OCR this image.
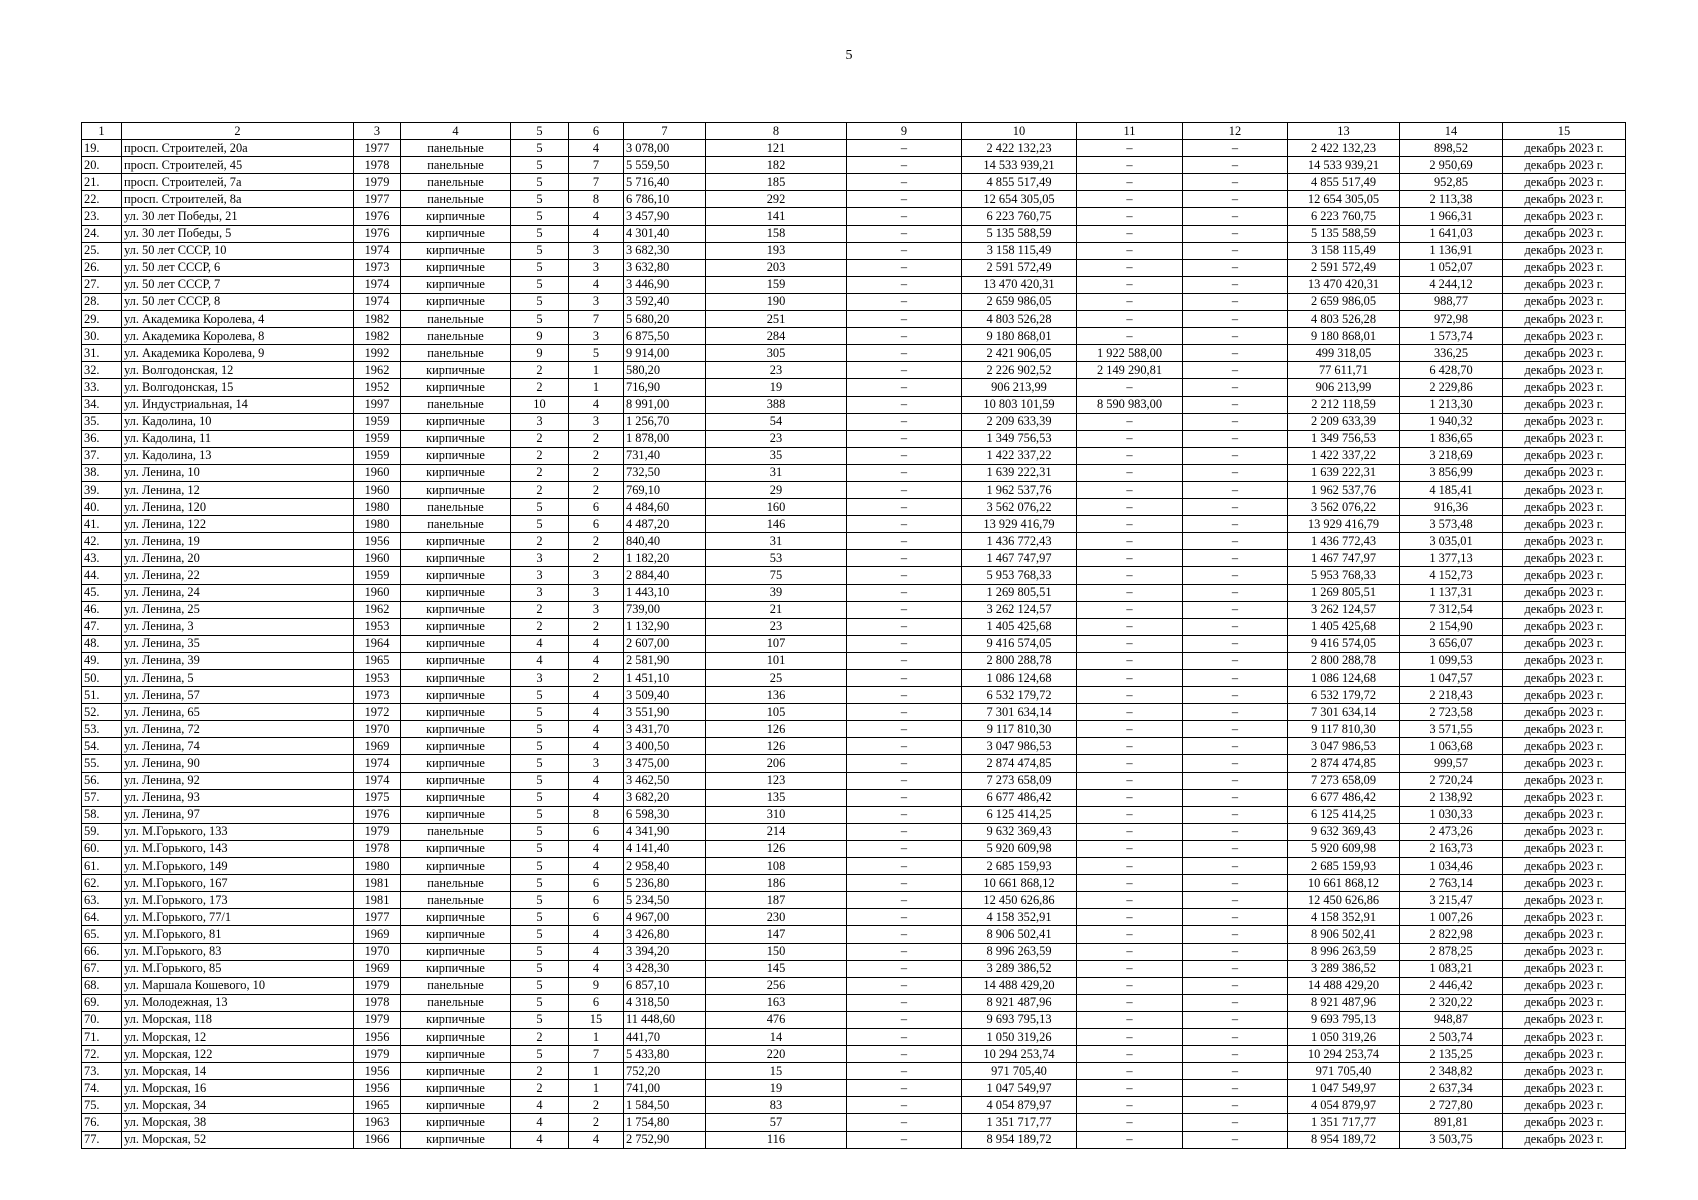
5
1	2	3	4	5	6	7	8	9	10	11	12	13	14	15
19.	просп. Строителей, 20а	1977	панельные	5	4	3 078,00	121	–	2 422 132,23	–	–	2 422 132,23	898,52	декабрь 2023 г.
20.	просп. Строителей, 45	1978	панельные	5	7	5 559,50	182	–	14 533 939,21	–	–	14 533 939,21	2 950,69	декабрь 2023 г.
21.	просп. Строителей, 7а	1979	панельные	5	7	5 716,40	185	–	4 855 517,49	–	–	4 855 517,49	952,85	декабрь 2023 г.
22.	просп. Строителей, 8а	1977	панельные	5	8	6 786,10	292	–	12 654 305,05	–	–	12 654 305,05	2 113,38	декабрь 2023 г.
23.	ул. 30 лет Победы, 21	1976	кирпичные	5	4	3 457,90	141	–	6 223 760,75	–	–	6 223 760,75	1 966,31	декабрь 2023 г.
24.	ул. 30 лет Победы, 5	1976	кирпичные	5	4	4 301,40	158	–	5 135 588,59	–	–	5 135 588,59	1 641,03	декабрь 2023 г.
25.	ул. 50 лет СССР, 10	1974	кирпичные	5	3	3 682,30	193	–	3 158 115,49	–	–	3 158 115,49	1 136,91	декабрь 2023 г.
26.	ул. 50 лет СССР, 6	1973	кирпичные	5	3	3 632,80	203	–	2 591 572,49	–	–	2 591 572,49	1 052,07	декабрь 2023 г.
27.	ул. 50 лет СССР, 7	1974	кирпичные	5	4	3 446,90	159	–	13 470 420,31	–	–	13 470 420,31	4 244,12	декабрь 2023 г.
28.	ул. 50 лет СССР, 8	1974	кирпичные	5	3	3 592,40	190	–	2 659 986,05	–	–	2 659 986,05	988,77	декабрь 2023 г.
29.	ул. Академика Королева, 4	1982	панельные	5	7	5 680,20	251	–	4 803 526,28	–	–	4 803 526,28	972,98	декабрь 2023 г.
30.	ул. Академика Королева, 8	1982	панельные	9	3	6 875,50	284	–	9 180 868,01	–	–	9 180 868,01	1 573,74	декабрь 2023 г.
31.	ул. Академика Королева, 9	1992	панельные	9	5	9 914,00	305	–	2 421 906,05	1 922 588,00	–	499 318,05	336,25	декабрь 2023 г.
32.	ул. Волгодонская, 12	1962	кирпичные	2	1	580,20	23	–	2 226 902,52	2 149 290,81	–	77 611,71	6 428,70	декабрь 2023 г.
33.	ул. Волгодонская, 15	1952	кирпичные	2	1	716,90	19	–	906 213,99	–	–	906 213,99	2 229,86	декабрь 2023 г.
34.	ул. Индустриальная, 14	1997	панельные	10	4	8 991,00	388	–	10 803 101,59	8 590 983,00	–	2 212 118,59	1 213,30	декабрь 2023 г.
35.	ул. Кадолина, 10	1959	кирпичные	3	3	1 256,70	54	–	2 209 633,39	–	–	2 209 633,39	1 940,32	декабрь 2023 г.
36.	ул. Кадолина, 11	1959	кирпичные	2	2	1 878,00	23	–	1 349 756,53	–	–	1 349 756,53	1 836,65	декабрь 2023 г.
37.	ул. Кадолина, 13	1959	кирпичные	2	2	731,40	35	–	1 422 337,22	–	–	1 422 337,22	3 218,69	декабрь 2023 г.
38.	ул. Ленина, 10	1960	кирпичные	2	2	732,50	31	–	1 639 222,31	–	–	1 639 222,31	3 856,99	декабрь 2023 г.
39.	ул. Ленина, 12	1960	кирпичные	2	2	769,10	29	–	1 962 537,76	–	–	1 962 537,76	4 185,41	декабрь 2023 г.
40.	ул. Ленина, 120	1980	панельные	5	6	4 484,60	160	–	3 562 076,22	–	–	3 562 076,22	916,36	декабрь 2023 г.
41.	ул. Ленина, 122	1980	панельные	5	6	4 487,20	146	–	13 929 416,79	–	–	13 929 416,79	3 573,48	декабрь 2023 г.
42.	ул. Ленина, 19	1956	кирпичные	2	2	840,40	31	–	1 436 772,43	–	–	1 436 772,43	3 035,01	декабрь 2023 г.
43.	ул. Ленина, 20	1960	кирпичные	3	2	1 182,20	53	–	1 467 747,97	–	–	1 467 747,97	1 377,13	декабрь 2023 г.
44.	ул. Ленина, 22	1959	кирпичные	3	3	2 884,40	75	–	5 953 768,33	–	–	5 953 768,33	4 152,73	декабрь 2023 г.
45.	ул. Ленина, 24	1960	кирпичные	3	3	1 443,10	39	–	1 269 805,51	–	–	1 269 805,51	1 137,31	декабрь 2023 г.
46.	ул. Ленина, 25	1962	кирпичные	2	3	739,00	21	–	3 262 124,57	–	–	3 262 124,57	7 312,54	декабрь 2023 г.
47.	ул. Ленина, 3	1953	кирпичные	2	2	1 132,90	23	–	1 405 425,68	–	–	1 405 425,68	2 154,90	декабрь 2023 г.
48.	ул. Ленина, 35	1964	кирпичные	4	4	2 607,00	107	–	9 416 574,05	–	–	9 416 574,05	3 656,07	декабрь 2023 г.
49.	ул. Ленина, 39	1965	кирпичные	4	4	2 581,90	101	–	2 800 288,78	–	–	2 800 288,78	1 099,53	декабрь 2023 г.
50.	ул. Ленина, 5	1953	кирпичные	3	2	1 451,10	25	–	1 086 124,68	–	–	1 086 124,68	1 047,57	декабрь 2023 г.
51.	ул. Ленина, 57	1973	кирпичные	5	4	3 509,40	136	–	6 532 179,72	–	–	6 532 179,72	2 218,43	декабрь 2023 г.
52.	ул. Ленина, 65	1972	кирпичные	5	4	3 551,90	105	–	7 301 634,14	–	–	7 301 634,14	2 723,58	декабрь 2023 г.
53.	ул. Ленина, 72	1970	кирпичные	5	4	3 431,70	126	–	9 117 810,30	–	–	9 117 810,30	3 571,55	декабрь 2023 г.
54.	ул. Ленина, 74	1969	кирпичные	5	4	3 400,50	126	–	3 047 986,53	–	–	3 047 986,53	1 063,68	декабрь 2023 г.
55.	ул. Ленина, 90	1974	кирпичные	5	3	3 475,00	206	–	2 874 474,85	–	–	2 874 474,85	999,57	декабрь 2023 г.
56.	ул. Ленина, 92	1974	кирпичные	5	4	3 462,50	123	–	7 273 658,09	–	–	7 273 658,09	2 720,24	декабрь 2023 г.
57.	ул. Ленина, 93	1975	кирпичные	5	4	3 682,20	135	–	6 677 486,42	–	–	6 677 486,42	2 138,92	декабрь 2023 г.
58.	ул. Ленина, 97	1976	кирпичные	5	8	6 598,30	310	–	6 125 414,25	–	–	6 125 414,25	1 030,33	декабрь 2023 г.
59.	ул. М.Горького, 133	1979	панельные	5	6	4 341,90	214	–	9 632 369,43	–	–	9 632 369,43	2 473,26	декабрь 2023 г.
60.	ул. М.Горького, 143	1978	кирпичные	5	4	4 141,40	126	–	5 920 609,98	–	–	5 920 609,98	2 163,73	декабрь 2023 г.
61.	ул. М.Горького, 149	1980	кирпичные	5	4	2 958,40	108	–	2 685 159,93	–	–	2 685 159,93	1 034,46	декабрь 2023 г.
62.	ул. М.Горького, 167	1981	панельные	5	6	5 236,80	186	–	10 661 868,12	–	–	10 661 868,12	2 763,14	декабрь 2023 г.
63.	ул. М.Горького, 173	1981	панельные	5	6	5 234,50	187	–	12 450 626,86	–	–	12 450 626,86	3 215,47	декабрь 2023 г.
64.	ул. М.Горького, 77/1	1977	кирпичные	5	6	4 967,00	230	–	4 158 352,91	–	–	4 158 352,91	1 007,26	декабрь 2023 г.
65.	ул. М.Горького, 81	1969	кирпичные	5	4	3 426,80	147	–	8 906 502,41	–	–	8 906 502,41	2 822,98	декабрь 2023 г.
66.	ул. М.Горького, 83	1970	кирпичные	5	4	3 394,20	150	–	8 996 263,59	–	–	8 996 263,59	2 878,25	декабрь 2023 г.
67.	ул. М.Горького, 85	1969	кирпичные	5	4	3 428,30	145	–	3 289 386,52	–	–	3 289 386,52	1 083,21	декабрь 2023 г.
68.	ул. Маршала Кошевого, 10	1979	панельные	5	9	6 857,10	256	–	14 488 429,20	–	–	14 488 429,20	2 446,42	декабрь 2023 г.
69.	ул. Молодежная, 13	1978	панельные	5	6	4 318,50	163	–	8 921 487,96	–	–	8 921 487,96	2 320,22	декабрь 2023 г.
70.	ул. Морская, 118	1979	кирпичные	5	15	11 448,60	476	–	9 693 795,13	–	–	9 693 795,13	948,87	декабрь 2023 г.
71.	ул. Морская, 12	1956	кирпичные	2	1	441,70	14	–	1 050 319,26	–	–	1 050 319,26	2 503,74	декабрь 2023 г.
72.	ул. Морская, 122	1979	кирпичные	5	7	5 433,80	220	–	10 294 253,74	–	–	10 294 253,74	2 135,25	декабрь 2023 г.
73.	ул. Морская, 14	1956	кирпичные	2	1	752,20	15	–	971 705,40	–	–	971 705,40	2 348,82	декабрь 2023 г.
74.	ул. Морская, 16	1956	кирпичные	2	1	741,00	19	–	1 047 549,97	–	–	1 047 549,97	2 637,34	декабрь 2023 г.
75.	ул. Морская, 34	1965	кирпичные	4	2	1 584,50	83	–	4 054 879,97	–	–	4 054 879,97	2 727,80	декабрь 2023 г.
76.	ул. Морская, 38	1963	кирпичные	4	2	1 754,80	57	–	1 351 717,77	–	–	1 351 717,77	891,81	декабрь 2023 г.
77.	ул. Морская, 52	1966	кирпичные	4	4	2 752,90	116	–	8 954 189,72	–	–	8 954 189,72	3 503,75	декабрь 2023 г.
